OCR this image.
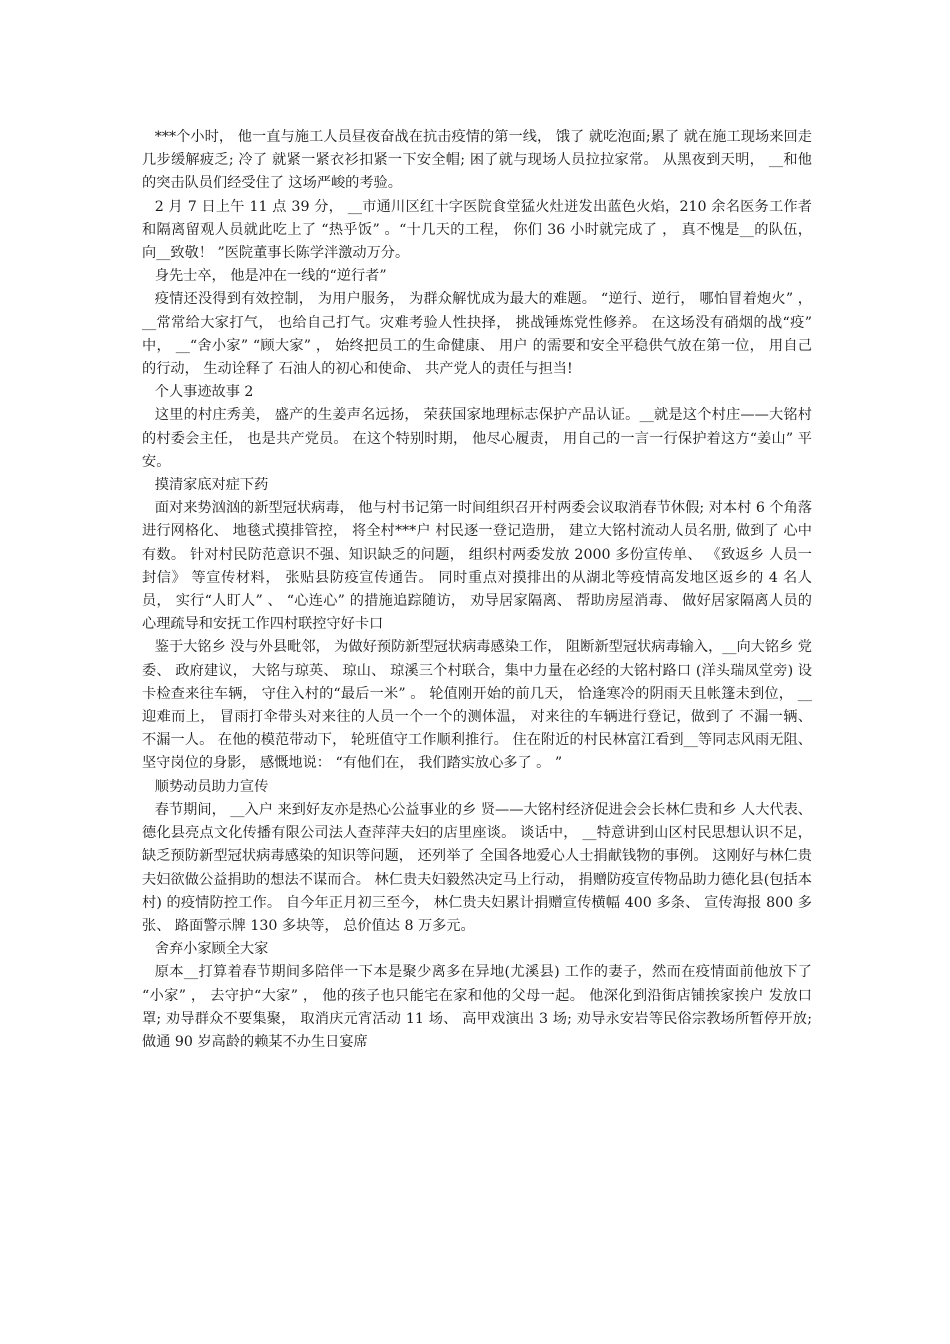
***个小时， 他一直与施工人员昼夜奋战在抗击疫情的第一线， 饿了 就吃泡面;累了 就在施工现场来回走几步缓解疲乏; 冷了 就紧一紧衣衫扣紧一下安全帽; 困了就与现场人员拉拉家常。 从黑夜到天明， __和他的突击队员们经受住了 这场严峻的考验。

2 月 7 日上午 11 点 39 分， __市通川区红十字医院食堂猛火灶迸发出蓝色火焰，210 余名医务工作者和隔离留观人员就此吃上了 “热乎饭” 。“十几天的工程， 你们 36 小时就完成了 ， 真不愧是__的队伍， 向__致敬！ ”医院董事长陈学泮激动万分。

身先士卒， 他是冲在一线的“逆行者”

疫情还没得到有效控制， 为用户服务， 为群众解忧成为最大的难题。 “逆行、逆行， 哪怕冒着炮火” ， __常常给大家打气， 也给自己打气。灾难考验人性抉择， 挑战锤炼党性修养。 在这场没有硝烟的战“疫” 中， __“舍小家” “顾大家” ， 始终把员工的生命健康、 用户 的需要和安全平稳供气放在第一位， 用自己的行动， 生动诠释了 石油人的初心和使命、 共产党人的责任与担当!

个人事迹故事 2

这里的村庄秀美， 盛产的生姜声名远扬， 荣获国家地理标志保护产品认证。__就是这个村庄——大铭村的村委会主任， 也是共产党员。 在这个特别时期， 他尽心履责， 用自己的一言一行保护着这方“姜山” 平安。

摸清家底对症下药

面对来势汹汹的新型冠状病毒， 他与村书记第一时间组织召开村两委会议取消春节休假; 对本村 6 个角落进行网格化、 地毯式摸排管控， 将全村***户 村民逐一登记造册， 建立大铭村流动人员名册, 做到了 心中有数。 针对村民防范意识不强、知识缺乏的问题， 组织村两委发放 2000 多份宣传单、 《致返乡 人员一封信》 等宣传材料， 张贴县防疫宣传通告。 同时重点对摸排出的从湖北等疫情高发地区返乡的 4 名人员， 实行“人盯人” 、 “心连心” 的措施追踪随访， 劝导居家隔离、 帮助房屋消毒、 做好居家隔离人员的心理疏导和安抚工作四村联控守好卡口

鉴于大铭乡 没与外县毗邻， 为做好预防新型冠状病毒感染工作， 阻断新型冠状病毒输入，__向大铭乡 党委、 政府建议， 大铭与琼英、 琼山、 琼溪三个村联合，集中力量在必经的大铭村路口 (洋头瑞凤堂旁) 设卡检查来往车辆， 守住入村的“最后一米” 。 轮值刚开始的前几天， 恰逢寒冷的阴雨天且帐篷未到位， __迎难而上， 冒雨打伞带头对来往的人员一个一个的测体温， 对来往的车辆进行登记，做到了 不漏一辆、 不漏一人。 在他的模范带动下， 轮班值守工作顺利推行。 住在附近的村民林富江看到__等同志风雨无阻、 坚守岗位的身影， 感慨地说： “有他们在， 我们踏实放心多了 。 ”

顺势动员助力宣传

春节期间， __入户 来到好友亦是热心公益事业的乡 贤——大铭村经济促进会会长林仁贵和乡 人大代表、 德化县亮点文化传播有限公司法人查萍萍夫妇的店里座谈。 谈话中， __特意讲到山区村民思想认识不足， 缺乏预防新型冠状病毒感染的知识等问题， 还列举了 全国各地爱心人士捐献钱物的事例。 这刚好与林仁贵夫妇欲做公益捐助的想法不谋而合。 林仁贵夫妇毅然决定马上行动， 捐赠防疫宣传物品助力德化县(包括本村) 的疫情防控工作。 自今年正月初三至今， 林仁贵夫妇累计捐赠宣传横幅 400 多条、 宣传海报 800 多张、 路面警示牌 130 多块等， 总价值达 8 万多元。

舍弃小家顾全大家

原本__打算着春节期间多陪伴一下本是聚少离多在异地(尤溪县) 工作的妻子，然而在疫情面前他放下了 “小家” ， 去守护“大家” ， 他的孩子也只能宅在家和他的父母一起。 他深化到沿街店铺挨家挨户 发放口 罩; 劝导群众不要集聚， 取消庆元宵活动 11 场、 高甲戏演出 3 场; 劝导永安岩等民俗宗教场所暂停开放; 做通 90 岁高龄的赖某不办生日宴席
